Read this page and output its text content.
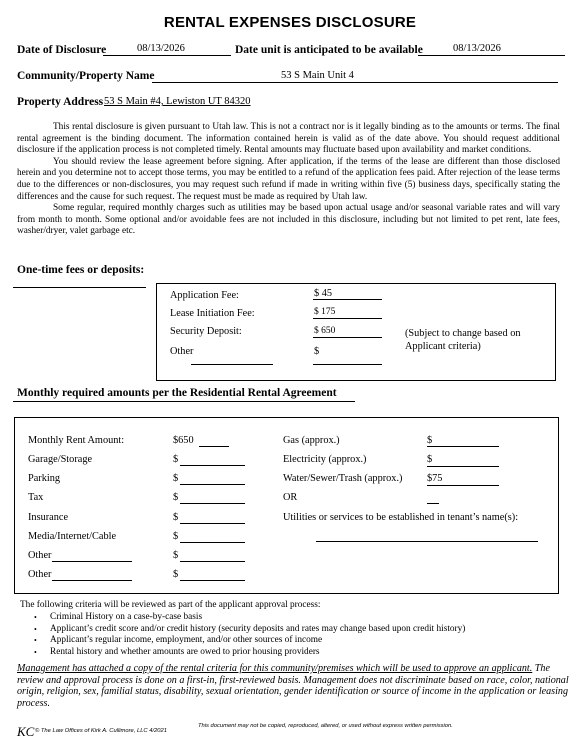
RENTAL EXPENSES DISCLOSURE
Date of Disclosure	08/13/2026	Date unit is anticipated to be available	08/13/2026
Community/Property Name	53 S Main Unit 4
Property Address 53 S Main #4, Lewiston UT 84320

This rental disclosure is given pursuant to Utah law. This is not a contract nor is it legally binding as to the amounts or terms. The final rental agreement is the binding document. The information contained herein is valid as of the date above. You should request additional disclosure if the application process is not completed timely. Rental amounts may fluctuate based upon availability and market conditions.

You should review the lease agreement before signing. After application, if the terms of the lease are different than those disclosed herein and you determine not to accept those terms, you may be entitled to a refund of the application fees paid. After rejection of the lease terms due to the differences or non-disclosures, you may request such refund if made in writing within five (5) business days, specifically stating the differences and the cause for such request. The request must be made as required by Utah law.

Some regular, required monthly charges such as utilities may be based upon actual usage and/or seasonal variable rates and will vary from month to month. Some optional and/or avoidable fees are not included in this disclosure, including but not limited to pet rent, late fees, washer/dryer, valet garbage etc.

One-time fees or deposits:
Application Fee:	$ 45
Lease Initiation Fee:	$ 175
Security Deposit:	$ 650
Other	$
(Subject to change based on Applicant criteria)
Monthly required amounts per the Residential Rental Agreement
Monthly Rent Amount:	$650
Garage/Storage	$
Parking	$
Tax	$
Insurance	$
Media/Internet/Cable	$
Other	$
Other	$
Gas (approx.)	$
Electricity (approx.)	$
Water/Sewer/Trash (approx.) $75
OR
Utilities or services to be established in tenant’s name(s):
The following criteria will be reviewed as part of the applicant approval process:
• Criminal History on a case-by-case basis
• Applicant’s credit score and/or credit history (security deposits and rates may change based upon credit history)
• Applicant’s regular income, employment, and/or other sources of income
• Rental history and whether amounts are owed to prior housing providers
Management has attached a copy of the rental criteria for this community/premises which will be used to approve an applicant. The review and approval process is done on a first-in, first-reviewed basis. Management does not discriminate based on race, color, national origin, religion, sex, familial status, disability, sexual orientation, gender identification or source of income in the application or leasing process.
KC © The Law Offices of Kirk A. Cullimore, LLC 4/2021
This document may not be copied, reproduced, altered, or used without express written permission.
